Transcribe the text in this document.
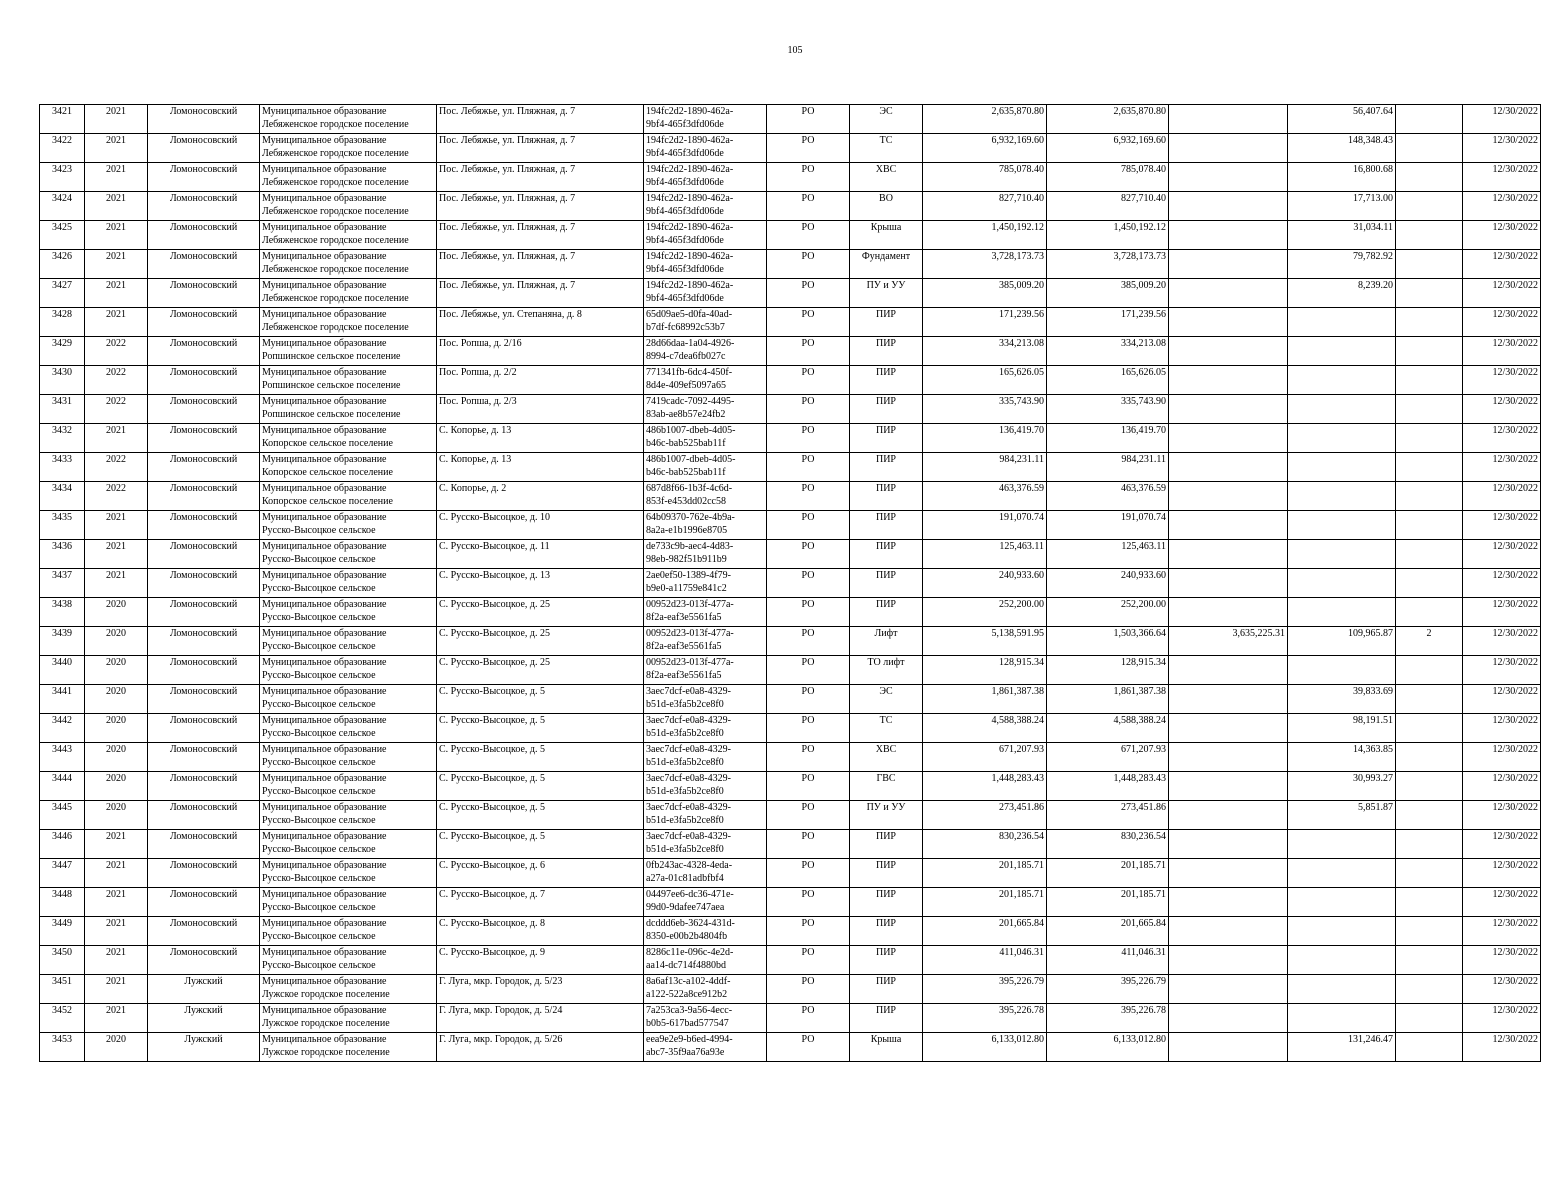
105
3421	2021	Ломоносовский	Муниципальное образование
Лебяженское городское поселение	Пос. Лебяжье, ул. Пляжная, д. 7	194fc2d2-1890-462a-
9bf4-465f3dfd06de	РО	ЭС	2,635,870.80	2,635,870.80		56,407.64		12/30/2022
3422	2021	Ломоносовский	Муниципальное образование
Лебяженское городское поселение	Пос. Лебяжье, ул. Пляжная, д. 7	194fc2d2-1890-462a-
9bf4-465f3dfd06de	РО	ТС	6,932,169.60	6,932,169.60		148,348.43		12/30/2022
3423	2021	Ломоносовский	Муниципальное образование
Лебяженское городское поселение	Пос. Лебяжье, ул. Пляжная, д. 7	194fc2d2-1890-462a-
9bf4-465f3dfd06de	РО	ХВС	785,078.40	785,078.40		16,800.68		12/30/2022
3424	2021	Ломоносовский	Муниципальное образование
Лебяженское городское поселение	Пос. Лебяжье, ул. Пляжная, д. 7	194fc2d2-1890-462a-
9bf4-465f3dfd06de	РО	ВО	827,710.40	827,710.40		17,713.00		12/30/2022
3425	2021	Ломоносовский	Муниципальное образование
Лебяженское городское поселение	Пос. Лебяжье, ул. Пляжная, д. 7	194fc2d2-1890-462a-
9bf4-465f3dfd06de	РО	Крыша	1,450,192.12	1,450,192.12		31,034.11		12/30/2022
3426	2021	Ломоносовский	Муниципальное образование
Лебяженское городское поселение	Пос. Лебяжье, ул. Пляжная, д. 7	194fc2d2-1890-462a-
9bf4-465f3dfd06de	РО	Фундамент	3,728,173.73	3,728,173.73		79,782.92		12/30/2022
3427	2021	Ломоносовский	Муниципальное образование
Лебяженское городское поселение	Пос. Лебяжье, ул. Пляжная, д. 7	194fc2d2-1890-462a-
9bf4-465f3dfd06de	РО	ПУ и УУ	385,009.20	385,009.20		8,239.20		12/30/2022
3428	2021	Ломоносовский	Муниципальное образование
Лебяженское городское поселение	Пос. Лебяжье, ул. Степаняна, д. 8	65d09ae5-d0fa-40ad-
b7df-fc68992c53b7	РО	ПИР	171,239.56	171,239.56				12/30/2022
3429	2022	Ломоносовский	Муниципальное образование
Ропшинское сельское поселение	Пос. Ропша, д. 2/16	28d66daa-1a04-4926-
8994-c7dea6fb027c	РО	ПИР	334,213.08	334,213.08				12/30/2022
3430	2022	Ломоносовский	Муниципальное образование
Ропшинское сельское поселение	Пос. Ропша, д. 2/2	771341fb-6dc4-450f-
8d4e-409ef5097a65	РО	ПИР	165,626.05	165,626.05				12/30/2022
3431	2022	Ломоносовский	Муниципальное образование
Ропшинское сельское поселение	Пос. Ропша, д. 2/3	7419cadc-7092-4495-
83ab-ae8b57e24fb2	РО	ПИР	335,743.90	335,743.90				12/30/2022
3432	2021	Ломоносовский	Муниципальное образование
Копорское сельское поселение	С. Копорье, д. 13	486b1007-dbeb-4d05-
b46c-bab525bab11f	РО	ПИР	136,419.70	136,419.70				12/30/2022
3433	2022	Ломоносовский	Муниципальное образование
Копорское сельское поселение	С. Копорье, д. 13	486b1007-dbeb-4d05-
b46c-bab525bab11f	РО	ПИР	984,231.11	984,231.11				12/30/2022
3434	2022	Ломоносовский	Муниципальное образование
Копорское сельское поселение	С. Копорье, д. 2	687d8f66-1b3f-4c6d-
853f-e453dd02cc58	РО	ПИР	463,376.59	463,376.59				12/30/2022
3435	2021	Ломоносовский	Муниципальное образование
Русско-Высоцкое сельское	С. Русско-Высоцкое, д. 10	64b09370-762e-4b9a-
8a2a-e1b1996e8705	РО	ПИР	191,070.74	191,070.74				12/30/2022
3436	2021	Ломоносовский	Муниципальное образование
Русско-Высоцкое сельское	С. Русско-Высоцкое, д. 11	de733c9b-aec4-4d83-
98eb-982f51b911b9	РО	ПИР	125,463.11	125,463.11				12/30/2022
3437	2021	Ломоносовский	Муниципальное образование
Русско-Высоцкое сельское	С. Русско-Высоцкое, д. 13	2ae0ef50-1389-4f79-
b9e0-a11759e841c2	РО	ПИР	240,933.60	240,933.60				12/30/2022
3438	2020	Ломоносовский	Муниципальное образование
Русско-Высоцкое сельское	С. Русско-Высоцкое, д. 25	00952d23-013f-477a-
8f2a-eaf3e5561fa5	РО	ПИР	252,200.00	252,200.00				12/30/2022
3439	2020	Ломоносовский	Муниципальное образование
Русско-Высоцкое сельское	С. Русско-Высоцкое, д. 25	00952d23-013f-477a-
8f2a-eaf3e5561fa5	РО	Лифт	5,138,591.95	1,503,366.64	3,635,225.31	109,965.87	2	12/30/2022
3440	2020	Ломоносовский	Муниципальное образование
Русско-Высоцкое сельское	С. Русско-Высоцкое, д. 25	00952d23-013f-477a-
8f2a-eaf3e5561fa5	РО	ТО лифт	128,915.34	128,915.34				12/30/2022
3441	2020	Ломоносовский	Муниципальное образование
Русско-Высоцкое сельское	С. Русско-Высоцкое, д. 5	3aec7dcf-e0a8-4329-
b51d-e3fa5b2ce8f0	РО	ЭС	1,861,387.38	1,861,387.38		39,833.69		12/30/2022
3442	2020	Ломоносовский	Муниципальное образование
Русско-Высоцкое сельское	С. Русско-Высоцкое, д. 5	3aec7dcf-e0a8-4329-
b51d-e3fa5b2ce8f0	РО	ТС	4,588,388.24	4,588,388.24		98,191.51		12/30/2022
3443	2020	Ломоносовский	Муниципальное образование
Русско-Высоцкое сельское	С. Русско-Высоцкое, д. 5	3aec7dcf-e0a8-4329-
b51d-e3fa5b2ce8f0	РО	ХВС	671,207.93	671,207.93		14,363.85		12/30/2022
3444	2020	Ломоносовский	Муниципальное образование
Русско-Высоцкое сельское	С. Русско-Высоцкое, д. 5	3aec7dcf-e0a8-4329-
b51d-e3fa5b2ce8f0	РО	ГВС	1,448,283.43	1,448,283.43		30,993.27		12/30/2022
3445	2020	Ломоносовский	Муниципальное образование
Русско-Высоцкое сельское	С. Русско-Высоцкое, д. 5	3aec7dcf-e0a8-4329-
b51d-e3fa5b2ce8f0	РО	ПУ и УУ	273,451.86	273,451.86		5,851.87		12/30/2022
3446	2021	Ломоносовский	Муниципальное образование
Русско-Высоцкое сельское	С. Русско-Высоцкое, д. 5	3aec7dcf-e0a8-4329-
b51d-e3fa5b2ce8f0	РО	ПИР	830,236.54	830,236.54				12/30/2022
3447	2021	Ломоносовский	Муниципальное образование
Русско-Высоцкое сельское	С. Русско-Высоцкое, д. 6	0fb243ac-4328-4eda-
a27a-01c81adbfbf4	РО	ПИР	201,185.71	201,185.71				12/30/2022
3448	2021	Ломоносовский	Муниципальное образование
Русско-Высоцкое сельское	С. Русско-Высоцкое, д. 7	04497ee6-dc36-471e-
99d0-9dafee747aea	РО	ПИР	201,185.71	201,185.71				12/30/2022
3449	2021	Ломоносовский	Муниципальное образование
Русско-Высоцкое сельское	С. Русско-Высоцкое, д. 8	dcddd6eb-3624-431d-
8350-e00b2b4804fb	РО	ПИР	201,665.84	201,665.84				12/30/2022
3450	2021	Ломоносовский	Муниципальное образование
Русско-Высоцкое сельское	С. Русско-Высоцкое, д. 9	8286c11e-096c-4e2d-
aa14-dc714f4880bd	РО	ПИР	411,046.31	411,046.31				12/30/2022
3451	2021	Лужский	Муниципальное образование
Лужское городское поселение	Г. Луга, мкр. Городок, д. 5/23	8a6af13c-a102-4ddf-
a122-522a8ce912b2	РО	ПИР	395,226.79	395,226.79				12/30/2022
3452	2021	Лужский	Муниципальное образование
Лужское городское поселение	Г. Луга, мкр. Городок, д. 5/24	7a253ca3-9a56-4ecc-
b0b5-617bad577547	РО	ПИР	395,226.78	395,226.78				12/30/2022
3453	2020	Лужский	Муниципальное образование
Лужское городское поселение	Г. Луга, мкр. Городок, д. 5/26	eea9e2e9-b6ed-4994-
abc7-35f9aa76a93e	РО	Крыша	6,133,012.80	6,133,012.80		131,246.47		12/30/2022
